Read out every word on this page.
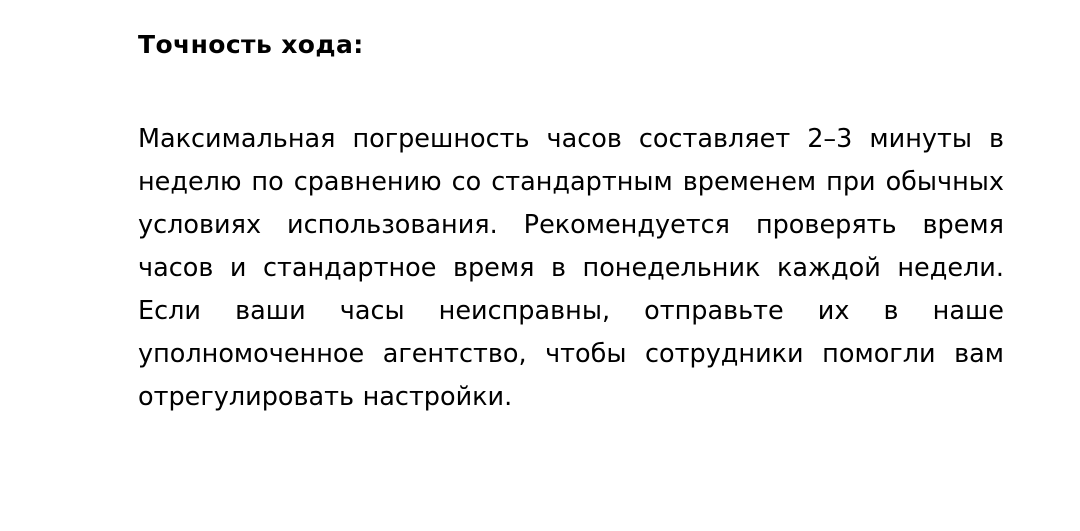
Точность хода:

Максимальная погрешность часов составляет 2–3 минуты в неделю по сравнению со стандартным временем при обычных условиях использования. Рекомендуется проверять время часов и стандартное время в понедельник каждой недели. Если ваши часы неисправны, отправьте их в наше уполномоченное агентство, чтобы сотрудники помогли вам отрегулировать настройки.
